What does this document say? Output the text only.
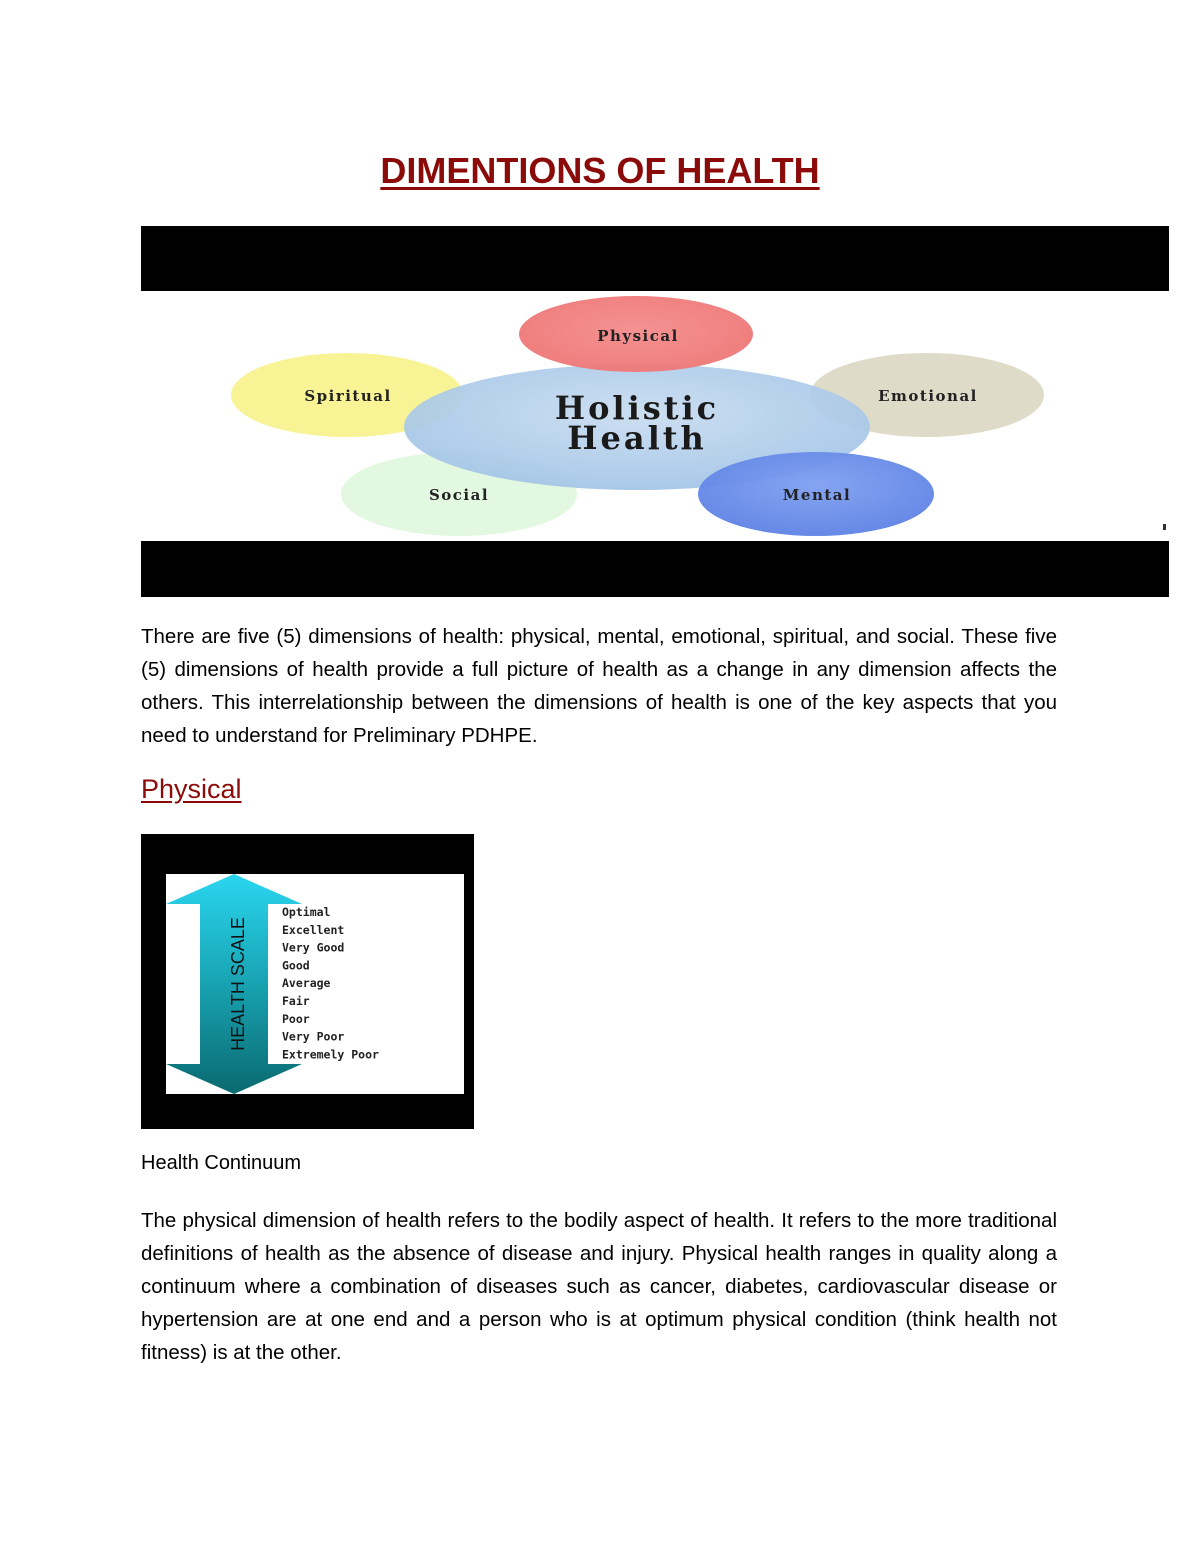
DIMENTIONS OF HEALTH
Physical
Spiritual	Emotional
Social	Mental
Holistic
Health

There are five (5) dimensions of health: physical, mental, emotional, spiritual, and social. These five (5) dimensions of health provide a full picture of health as a change in any dimension affects the others. This interrelationship between the dimensions of health is one of the key aspects that you need to understand for Preliminary PDHPE.

Physical
HEALTH SCALE
Optimal
Excellent
Very Good
Good
Average
Fair
Poor
Very Poor
Extremely Poor

Health Continuum

The physical dimension of health refers to the bodily aspect of health. It refers to the more traditional definitions of health as the absence of disease and injury. Physical health ranges in quality along a continuum where a combination of diseases such as cancer, diabetes, cardiovascular disease or hypertension are at one end and a person who is at optimum physical condition (think health not fitness) is at the other.
